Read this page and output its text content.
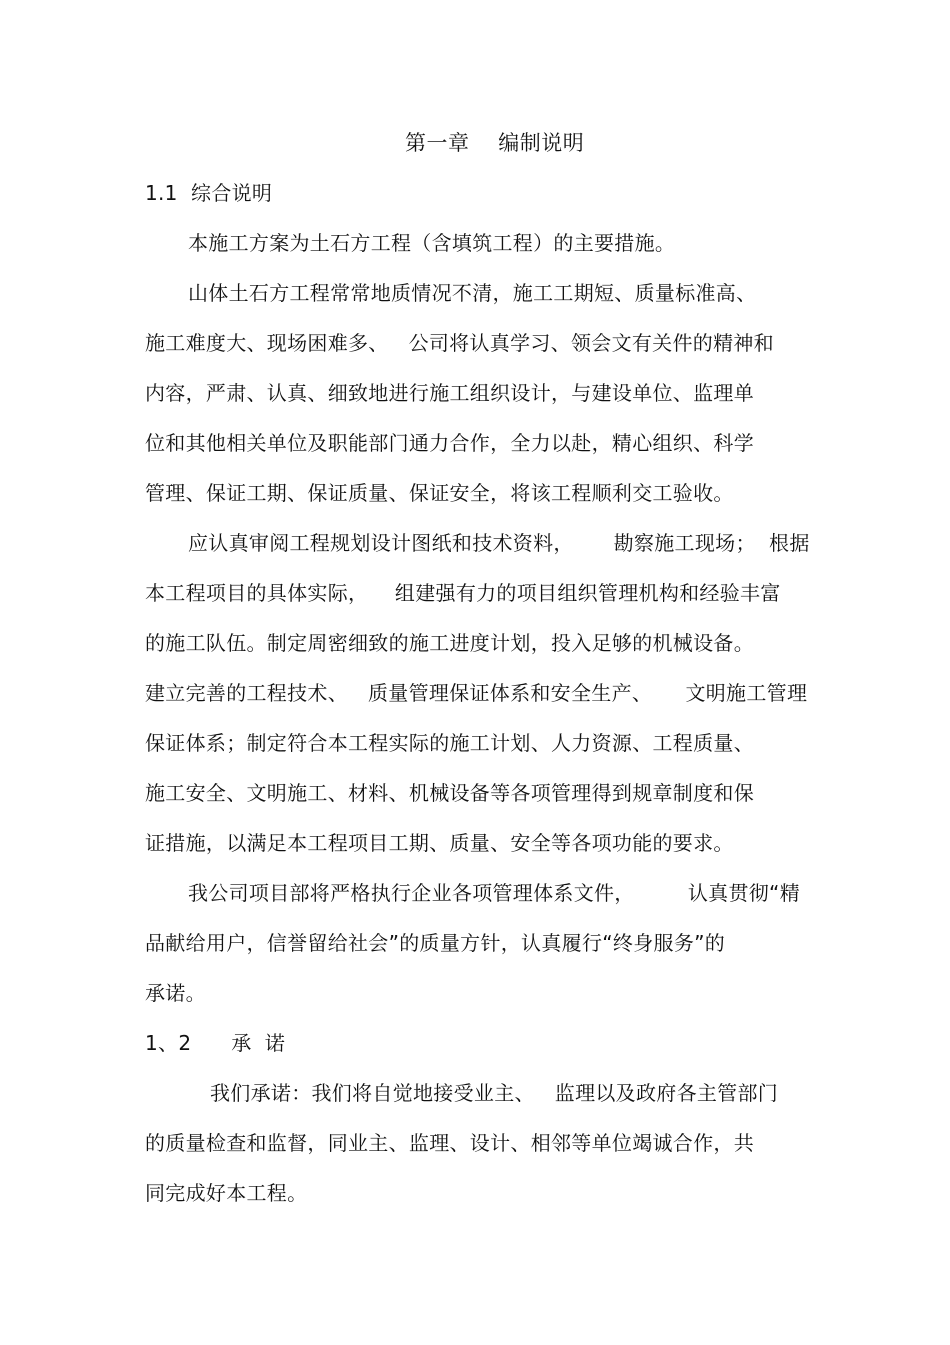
第一章    编制说明
1.1  综合说明
本施工方案为土石方工程（含填筑工程）的主要措施。
山体土石方工程常常地质情况不清，施工工期短、质量标准高、
施工难度大、现场困难多、   公司将认真学习、领会文有关件的精神和
内容，严肃、认真、细致地进行施工组织设计，与建设单位、监理单
位和其他相关单位及职能部门通力合作，全力以赴，精心组织、科学
管理、保证工期、保证质量、保证安全，将该工程顺利交工验收。
应认真审阅工程规划设计图纸和技术资料，      勘察施工现场；  根据
本工程项目的具体实际，    组建强有力的项目组织管理机构和经验丰富
的施工队伍。制定周密细致的施工进度计划，投入足够的机械设备。
建立完善的工程技术、   质量管理保证体系和安全生产、     文明施工管理
保证体系；制定符合本工程实际的施工计划、人力资源、工程质量、
施工安全、文明施工、材料、机械设备等各项管理得到规章制度和保
证措施，以满足本工程项目工期、质量、安全等各项功能的要求。
我公司项目部将严格执行企业各项管理体系文件，        认真贯彻“精
品献给用户，信誉留给社会”的质量方针，认真履行“终身服务”的
承诺。
1、2      承  诺
我们承诺：我们将自觉地接受业主、   监理以及政府各主管部门
的质量检查和监督，同业主、监理、设计、相邻等单位竭诚合作，共
同完成好本工程。
